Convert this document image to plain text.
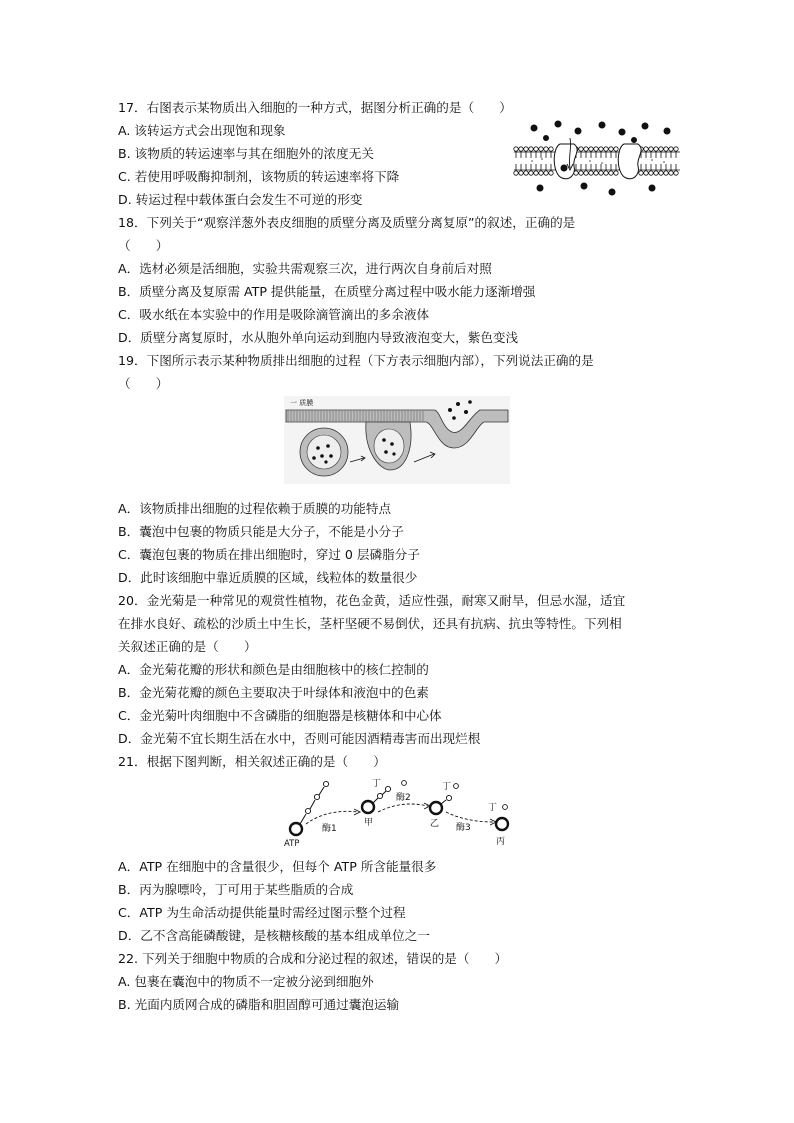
17．右图表示某物质出入细胞的一种方式，据图分析正确的是（　　）
A. 该转运方式会出现饱和现象
B. 该物质的转运速率与其在细胞外的浓度无关
C. 若使用呼吸酶抑制剂，该物质的转运速率将下降
D. 转运过程中载体蛋白会发生不可逆的形变
18．下列关于“观察洋葱外表皮细胞的质壁分离及质壁分离复原”的叙述，正确的是
（　　）
A．选材必须是活细胞，实验共需观察三次，进行两次自身前后对照
B．质壁分离及复原需 ATP 提供能量，在质壁分离过程中吸水能力逐渐增强
C．吸水纸在本实验中的作用是吸除滴管滴出的多余液体
D．质壁分离复原时，水从胞外单向运动到胞内导致液泡变大，紫色变浅
19．下图所示表示某种物质排出细胞的过程（下方表示细胞内部），下列说法正确的是
（　　）
一 质膜
A．该物质排出细胞的过程依赖于质膜的功能特点
B．囊泡中包裹的物质只能是大分子，不能是小分子
C．囊泡包裹的物质在排出细胞时，穿过 0 层磷脂分子
D．此时该细胞中靠近质膜的区域，线粒体的数量很少
20．金光菊是一种常见的观赏性植物，花色金黄，适应性强，耐寒又耐旱，但忌水湿，适宜
在排水良好、疏松的沙质土中生长，茎杆坚硬不易倒伏，还具有抗病、抗虫等特性。下列相
关叙述正确的是（　　）
A．金光菊花瓣的形状和颜色是由细胞核中的核仁控制的
B．金光菊花瓣的颜色主要取决于叶绿体和液泡中的色素
C．金光菊叶肉细胞中不含磷脂的细胞器是核糖体和中心体
D．金光菊不宜长期生活在水中，否则可能因酒精毒害而出现烂根
21．根据下图判断，相关叙述正确的是（　　）
ATP
酶1
甲
丁
酶2
乙
丁
酶3
丙
丁
A．ATP 在细胞中的含量很少，但每个 ATP 所含能量很多
B．丙为腺嘌呤，丁可用于某些脂质的合成
C．ATP 为生命活动提供能量时需经过图示整个过程
D．乙不含高能磷酸键，是核糖核酸的基本组成单位之一
22. 下列关于细胞中物质的合成和分泌过程的叙述，错误的是（　　）
A. 包裹在囊泡中的物质不一定被分泌到细胞外
B. 光面内质网合成的磷脂和胆固醇可通过囊泡运输
